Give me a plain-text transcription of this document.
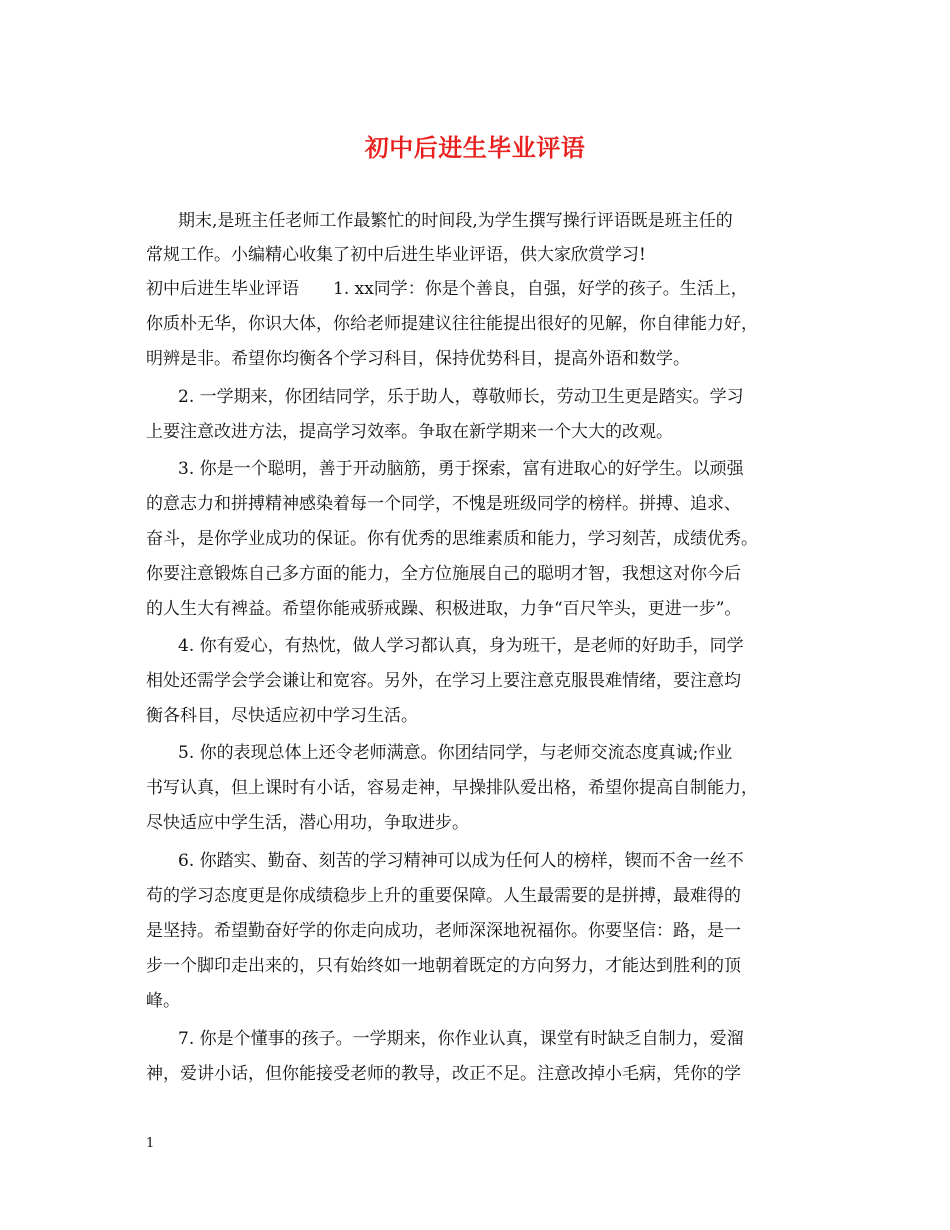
初中后进生毕业评语
期末,是班主任老师工作最繁忙的时间段,为学生撰写操行评语既是班主任的
常规工作。小编精心收集了初中后进生毕业评语，供大家欣赏学习!
初中后进生毕业评语　　1. xx同学：你是个善良，自强，好学的孩子。生活上，
你质朴无华，你识大体，你给老师提建议往往能提出很好的见解，你自律能力好，
明辨是非。希望你均衡各个学习科目，保持优势科目，提高外语和数学。
2. 一学期来，你团结同学，乐于助人，尊敬师长，劳动卫生更是踏实。学习
上要注意改进方法，提高学习效率。争取在新学期来一个大大的改观。
3. 你是一个聪明，善于开动脑筋，勇于探索，富有进取心的好学生。以顽强
的意志力和拼搏精神感染着每一个同学，不愧是班级同学的榜样。拼搏、追求、
奋斗，是你学业成功的保证。你有优秀的思维素质和能力，学习刻苦，成绩优秀。
你要注意锻炼自己多方面的能力，全方位施展自己的聪明才智，我想这对你今后
的人生大有裨益。希望你能戒骄戒躁、积极进取，力争“百尺竿头，更进一步”。
4. 你有爱心，有热忱，做人学习都认真，身为班干，是老师的好助手，同学
相处还需学会学会谦让和宽容。另外，在学习上要注意克服畏难情绪，要注意均
衡各科目，尽快适应初中学习生活。
5. 你的表现总体上还令老师满意。你团结同学，与老师交流态度真诚;作业
书写认真，但上课时有小话，容易走神，早操排队爱出格，希望你提高自制能力，
尽快适应中学生活，潜心用功，争取进步。
6. 你踏实、勤奋、刻苦的学习精神可以成为任何人的榜样，锲而不舍一丝不
苟的学习态度更是你成绩稳步上升的重要保障。人生最需要的是拼搏，最难得的
是坚持。希望勤奋好学的你走向成功，老师深深地祝福你。你要坚信：路，是一
步一个脚印走出来的，只有始终如一地朝着既定的方向努力，才能达到胜利的顶
峰。
7. 你是个懂事的孩子。一学期来，你作业认真，课堂有时缺乏自制力，爱溜
神，爱讲小话，但你能接受老师的教导，改正不足。注意改掉小毛病，凭你的学
1
